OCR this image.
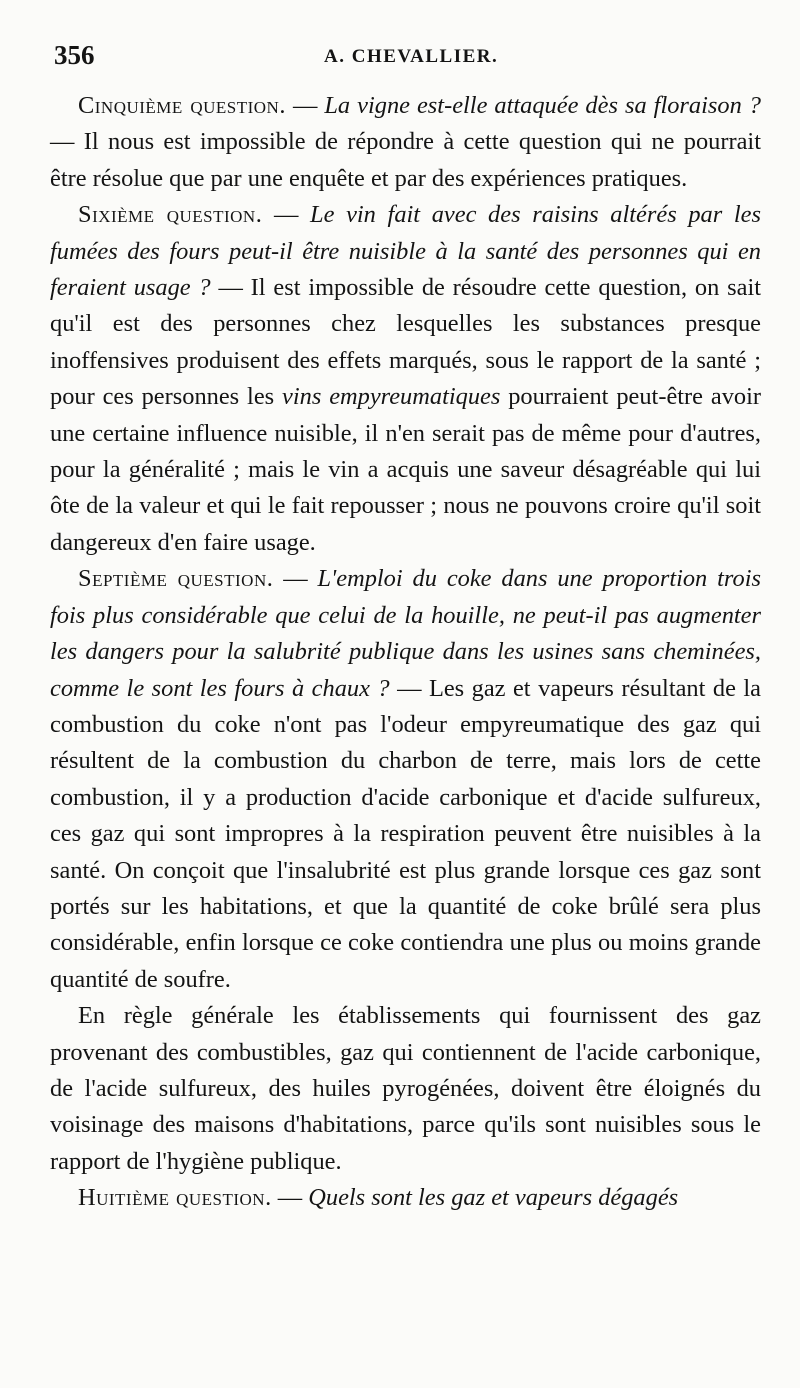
356	A. CHEVALLIER.

Cinquième question. — La vigne est-elle attaquée dès sa floraison ? — Il nous est impossible de répondre à cette question qui ne pourrait être résolue que par une enquête et par des expériences pratiques.

Sixième question. — Le vin fait avec des raisins altérés par les fumées des fours peut-il être nuisible à la santé des personnes qui en feraient usage ? — Il est impossible de résoudre cette question, on sait qu'il est des personnes chez lesquelles les substances presque inoffensives produisent des effets marqués, sous le rapport de la santé ; pour ces personnes les vins empyreumatiques pourraient peut-être avoir une certaine influence nuisible, il n'en serait pas de même pour d'autres, pour la généralité ; mais le vin a acquis une saveur désagréable qui lui ôte de la valeur et qui le fait repousser ; nous ne pouvons croire qu'il soit dangereux d'en faire usage.

Septième question. — L'emploi du coke dans une proportion trois fois plus considérable que celui de la houille, ne peut-il pas augmenter les dangers pour la salubrité publique dans les usines sans cheminées, comme le sont les fours à chaux ? — Les gaz et vapeurs résultant de la combustion du coke n'ont pas l'odeur empyreumatique des gaz qui résultent de la combustion du charbon de terre, mais lors de cette combustion, il y a production d'acide carbonique et d'acide sulfureux, ces gaz qui sont impropres à la respiration peuvent être nuisibles à la santé. On conçoit que l'insalubrité est plus grande lorsque ces gaz sont portés sur les habitations, et que la quantité de coke brûlé sera plus considérable, enfin lorsque ce coke contiendra une plus ou moins grande quantité de soufre.

En règle générale les établissements qui fournissent des gaz provenant des combustibles, gaz qui contiennent de l'acide carbonique, de l'acide sulfureux, des huiles pyrogénées, doivent être éloignés du voisinage des maisons d'habitations, parce qu'ils sont nuisibles sous le rapport de l'hygiène publique.

Huitième question. — Quels sont les gaz et vapeurs dégagés
